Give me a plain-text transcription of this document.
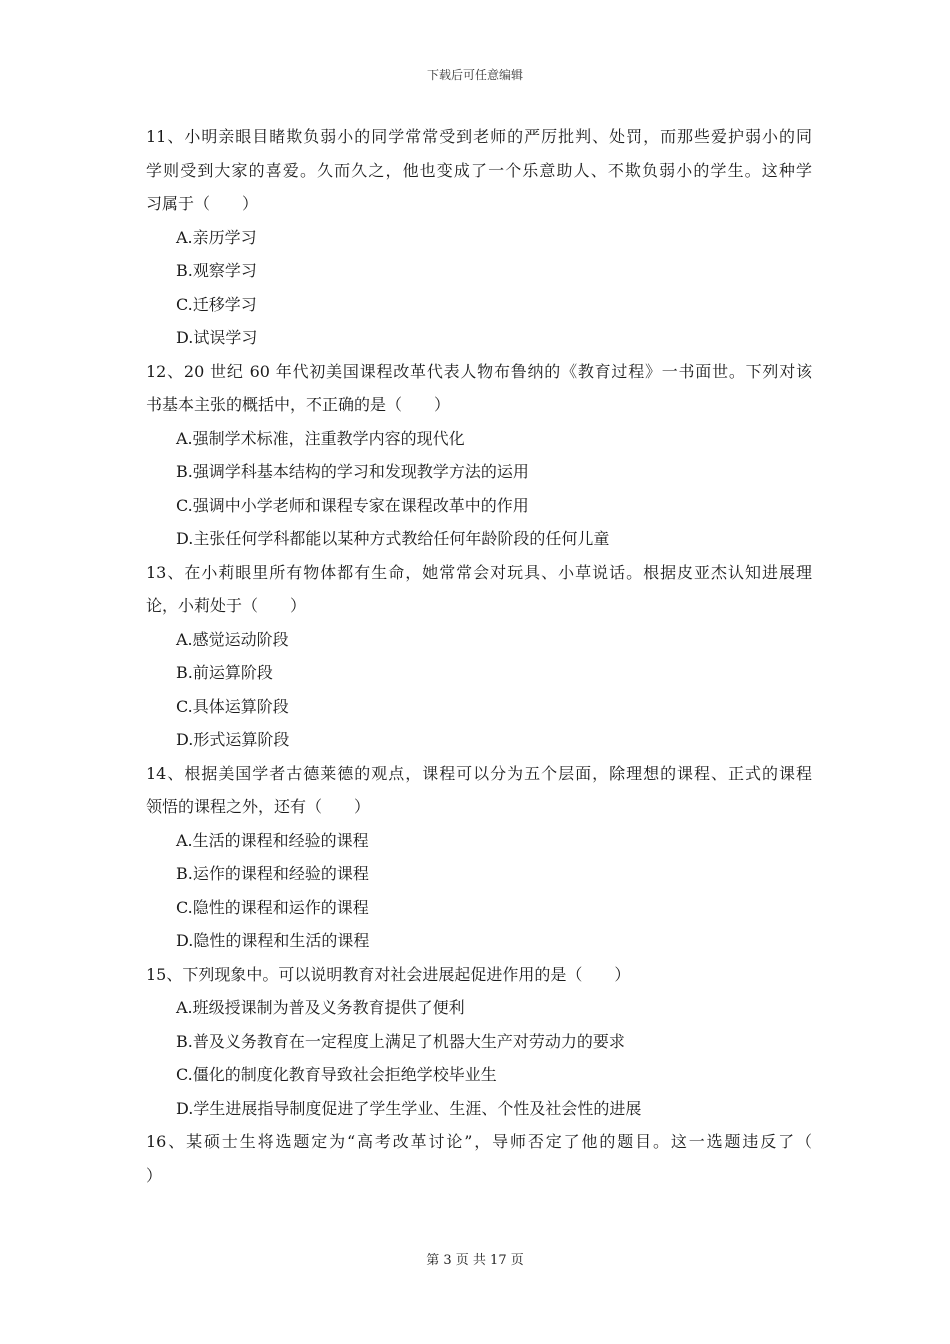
下载后可任意编辑
11、小明亲眼目睹欺负弱小的同学常常受到老师的严厉批判、处罚，而那些爱护弱小的同
学则受到大家的喜爱。久而久之，他也变成了一个乐意助人、不欺负弱小的学生。这种学
习属于（　　）
A.亲历学习
B.观察学习
C.迁移学习
D.试误学习
12、20 世纪 60 年代初美国课程改革代表人物布鲁纳的《教育过程》一书面世。下列对该
书基本主张的概括中，不正确的是（　　）
A.强制学术标准，注重教学内容的现代化
B.强调学科基本结构的学习和发现教学方法的运用
C.强调中小学老师和课程专家在课程改革中的作用
D.主张任何学科都能以某种方式教给任何年龄阶段的任何儿童
13、在小莉眼里所有物体都有生命，她常常会对玩具、小草说话。根据皮亚杰认知进展理
论，小莉处于（　　）
A.感觉运动阶段
B.前运算阶段
C.具体运算阶段
D.形式运算阶段
14、根据美国学者古德莱德的观点，课程可以分为五个层面，除理想的课程、正式的课程
领悟的课程之外，还有（　　）
A.生活的课程和经验的课程
B.运作的课程和经验的课程
C.隐性的课程和运作的课程
D.隐性的课程和生活的课程
15、下列现象中。可以说明教育对社会进展起促进作用的是（　　）
A.班级授课制为普及义务教育提供了便利
B.普及义务教育在一定程度上满足了机器大生产对劳动力的要求
C.僵化的制度化教育导致社会拒绝学校毕业生
D.学生进展指导制度促进了学生学业、生涯、个性及社会性的进展
16、某硕士生将选题定为“高考改革讨论”，导师否定了他的题目。这一选题违反了（
）
第 3 页 共 17 页
